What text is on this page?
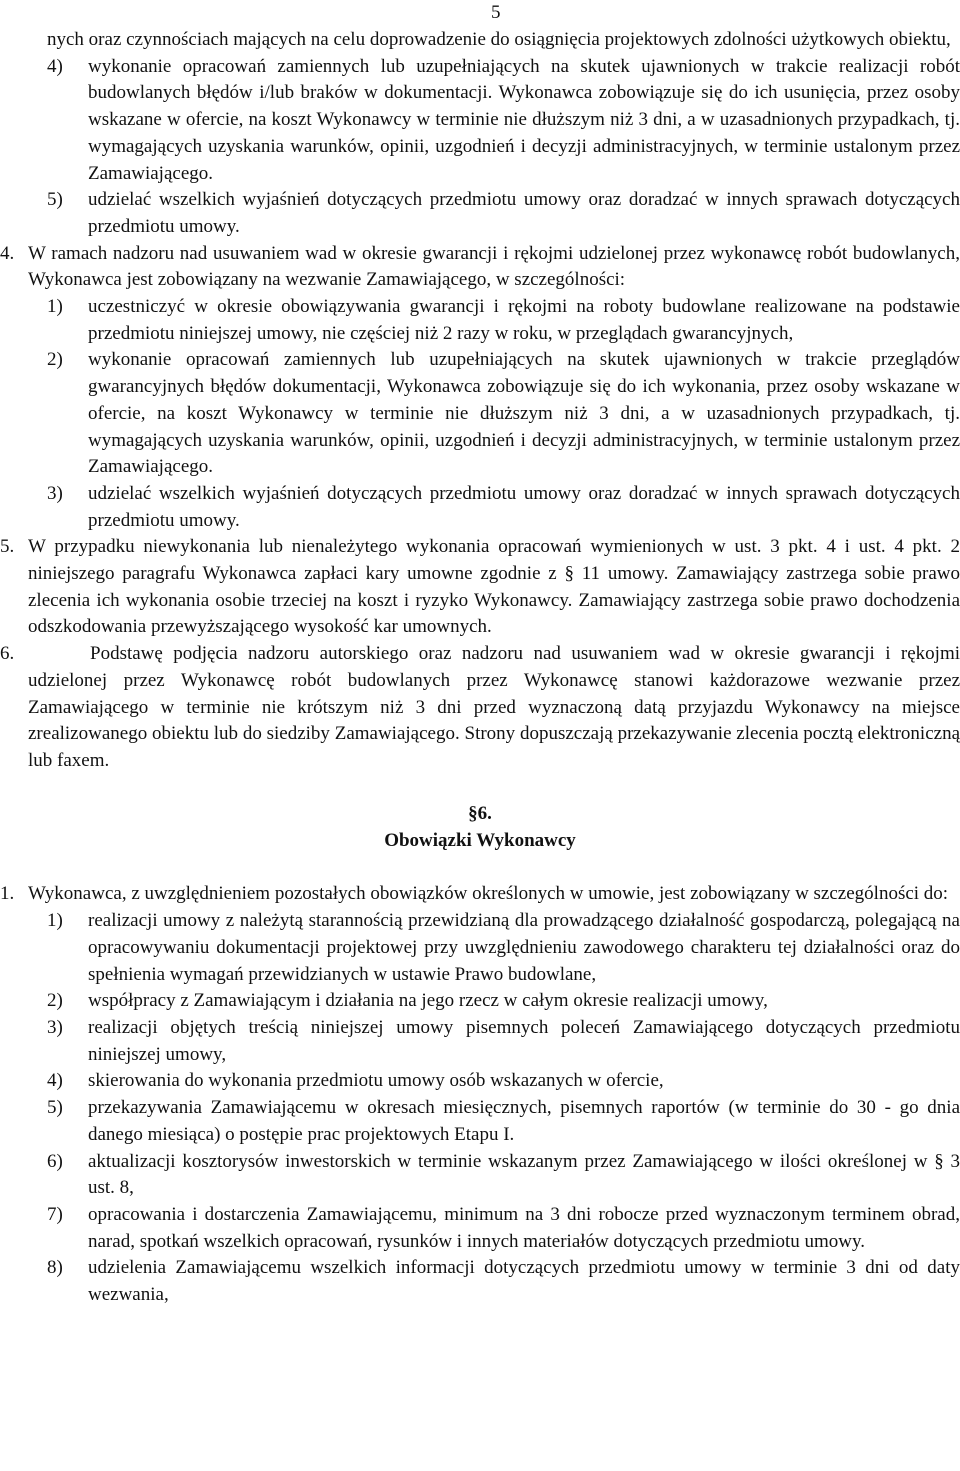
5
nych oraz czynnościach mających na celu doprowadzenie do osiągnięcia projektowych zdolności użytkowych obiektu,
4) wykonanie opracowań zamiennych lub uzupełniających na skutek ujawnionych w trakcie realizacji robót budowlanych błędów i/lub braków w dokumentacji. Wykonawca zobowiązuje się do ich usunięcia, przez osoby wskazane w ofercie, na koszt Wykonawcy w terminie nie dłuższym niż 3 dni, a w uzasadnionych przypadkach, tj. wymagających uzyskania warunków, opinii, uzgodnień i decyzji administracyjnych, w terminie ustalonym przez Zamawiającego.
5) udzielać wszelkich wyjaśnień dotyczących przedmiotu umowy oraz doradzać w innych sprawach dotyczących przedmiotu umowy.
4. W ramach nadzoru nad usuwaniem wad w okresie gwarancji i rękojmi udzielonej przez wykonawcę robót budowlanych, Wykonawca jest zobowiązany na wezwanie Zamawiającego, w szczególności:
1) uczestniczyć w okresie obowiązywania gwarancji i rękojmi na roboty budowlane realizowane na podstawie przedmiotu niniejszej umowy, nie częściej niż 2 razy w roku, w przeglądach gwarancyjnych,
2) wykonanie opracowań zamiennych lub uzupełniających na skutek ujawnionych w trakcie przeglądów gwarancyjnych błędów dokumentacji, Wykonawca zobowiązuje się do ich wykonania, przez osoby wskazane w ofercie, na koszt Wykonawcy w terminie nie dłuższym niż 3 dni, a w uzasadnionych przypadkach, tj. wymagających uzyskania warunków, opinii, uzgodnień i decyzji administracyjnych, w terminie ustalonym przez Zamawiającego.
3) udzielać wszelkich wyjaśnień dotyczących przedmiotu umowy oraz doradzać w innych sprawach dotyczących przedmiotu umowy.
5. W przypadku niewykonania lub nienależytego wykonania opracowań wymienionych w ust. 3 pkt. 4 i ust. 4 pkt. 2 niniejszego paragrafu Wykonawca zapłaci kary umowne zgodnie z § 11 umowy. Zamawiający zastrzega sobie prawo zlecenia ich wykonania osobie trzeciej na koszt i ryzyko Wykonawcy. Zamawiający zastrzega sobie prawo dochodzenia odszkodowania przewyższającego wysokość kar umownych.
6.	Podstawę podjęcia nadzoru autorskiego oraz nadzoru nad usuwaniem wad w okresie gwarancji i rękojmi udzielonej przez Wykonawcę robót budowlanych przez Wykonawcę stanowi każdorazowe wezwanie przez Zamawiającego w terminie nie krótszym niż 3 dni przed wyznaczoną datą przyjazdu Wykonawcy na miejsce zrealizowanego obiektu lub do siedziby Zamawiającego. Strony dopuszczają przekazywanie zlecenia pocztą elektroniczną lub faxem.
§6.
Obowiązki Wykonawcy
1. Wykonawca, z uwzględnieniem pozostałych obowiązków określonych w umowie, jest zobowiązany w szczególności do:
1) realizacji umowy z należytą starannością przewidzianą dla prowadzącego działalność gospodarczą, polegającą na opracowywaniu dokumentacji projektowej przy uwzględnieniu zawodowego charakteru tej działalności oraz do spełnienia wymagań przewidzianych w ustawie Prawo budowlane,
2) współpracy z Zamawiającym i działania na jego rzecz w całym okresie realizacji umowy,
3) realizacji objętych treścią niniejszej umowy pisemnych poleceń Zamawiającego dotyczących przedmiotu niniejszej umowy,
4) skierowania do wykonania przedmiotu umowy osób wskazanych w ofercie,
5) przekazywania Zamawiającemu w okresach miesięcznych, pisemnych raportów (w terminie do 30 - go dnia danego miesiąca) o postępie prac projektowych Etapu I.
6) aktualizacji kosztorysów inwestorskich w terminie wskazanym przez Zamawiającego w ilości określonej w § 3 ust. 8,
7) opracowania i dostarczenia Zamawiającemu, minimum na 3 dni robocze przed wyznaczonym terminem obrad, narad, spotkań wszelkich opracowań, rysunków i innych materiałów dotyczących przedmiotu umowy.
8) udzielenia Zamawiającemu wszelkich informacji dotyczących przedmiotu umowy w terminie 3 dni od daty wezwania,
